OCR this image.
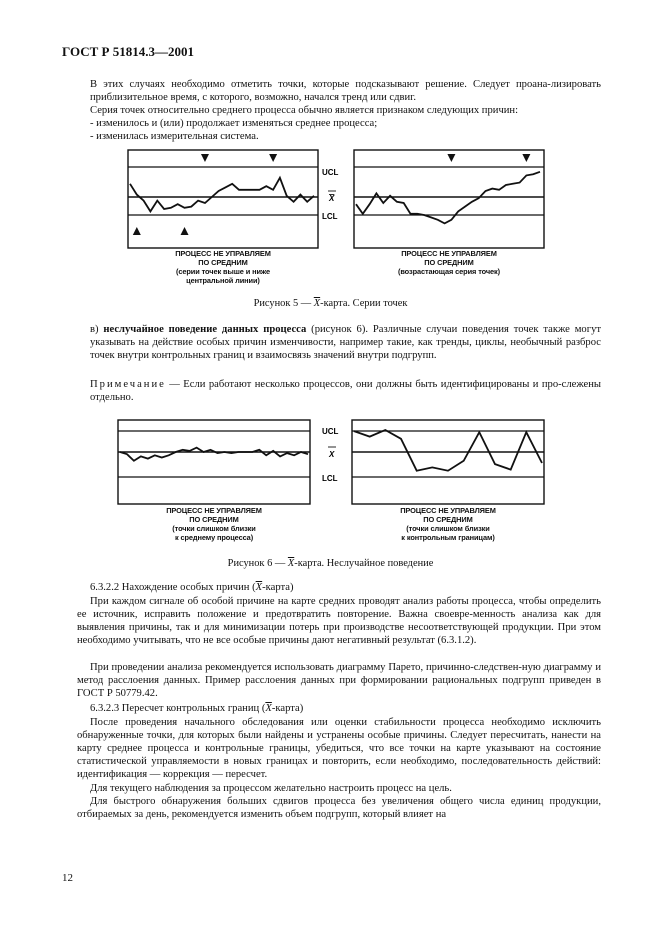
ГОСТ Р 51814.3—2001
В этих случаях необходимо отметить точки, которые подсказывают решение. Следует проана-лизировать приблизительное время, с которого, возможно, начался тренд или сдвиг.
Серия точек относительно среднего процесса обычно является признаком следующих причин:
- изменилось и (или) продолжает изменяться среднее процесса;
- изменилась измерительная система.
UCL
X
LCL
ПРОЦЕСС НЕ УПРАВЛЯЕМ
ПО СРЕДНИМ
(серии точек выше и ниже
центральной линии)
ПРОЦЕСС НЕ УПРАВЛЯЕМ
ПО СРЕДНИМ
(возрастающая серия точек)
Рисунок 5 — $\overline{X}$-карта. Серии точек
в) неслучайное поведение данных процесса (рисунок 6). Различные случаи поведения точек также могут указывать на действие особых причин изменчивости, например такие, как тренды, циклы, необычный разброс точек внутри контрольных границ и взаимосвязь значений внутри подгрупп.
Примечание — Если работают несколько процессов, они должны быть идентифицированы и про-слежены отдельно.
UCL
X
LCL
ПРОЦЕСС НЕ УПРАВЛЯЕМ
ПО СРЕДНИМ
(точки слишком близки
к среднему процесса)
ПРОЦЕСС НЕ УПРАВЛЯЕМ
ПО СРЕДНИМ
(точки слишком близки
к контрольным границам)
Рисунок 6 — $\overline{X}$-карта. Неслучайное поведение
6.3.2.2 Нахождение особых причин $(\overline{X}-карта)$
При каждом сигнале об особой причине на карте средних проводят анализ работы процесса, чтобы определить ее источник, исправить положение и предотвратить повторение. Важна своевре-менность анализа как для выявления причины, так и для минимизации потерь при производстве несоответствующей продукции. При этом необходимо учитывать, что не все особые причины дают негативный результат (6.3.1.2).
При проведении анализа рекомендуется использовать диаграмму Парето, причинно-следствен-ную диаграмму и метод расслоения данных. Пример расслоения данных при формировании рациональных подгрупп приведен в ГОСТ Р 50779.42.
6.3.2.3 Пересчет контрольных границ $(\overline{X}-карта)$
После проведения начального обследования или оценки стабильности процесса необходимо исключить обнаруженные точки, для которых были найдены и устранены особые причины. Следует пересчитать, нанести на карту среднее процесса и контрольные границы, убедиться, что все точки на карте указывают на состояние статистической управляемости в новых границах и повторить, если необходимо, последовательность действий: идентификация — коррекция — пересчет.
Для текущего наблюдения за процессом желательно настроить процесс на цель.
Для быстрого обнаружения больших сдвигов процесса без увеличения общего числа единиц продукции, отбираемых за день, рекомендуется изменить объем подгрупп, который влияет на
12
